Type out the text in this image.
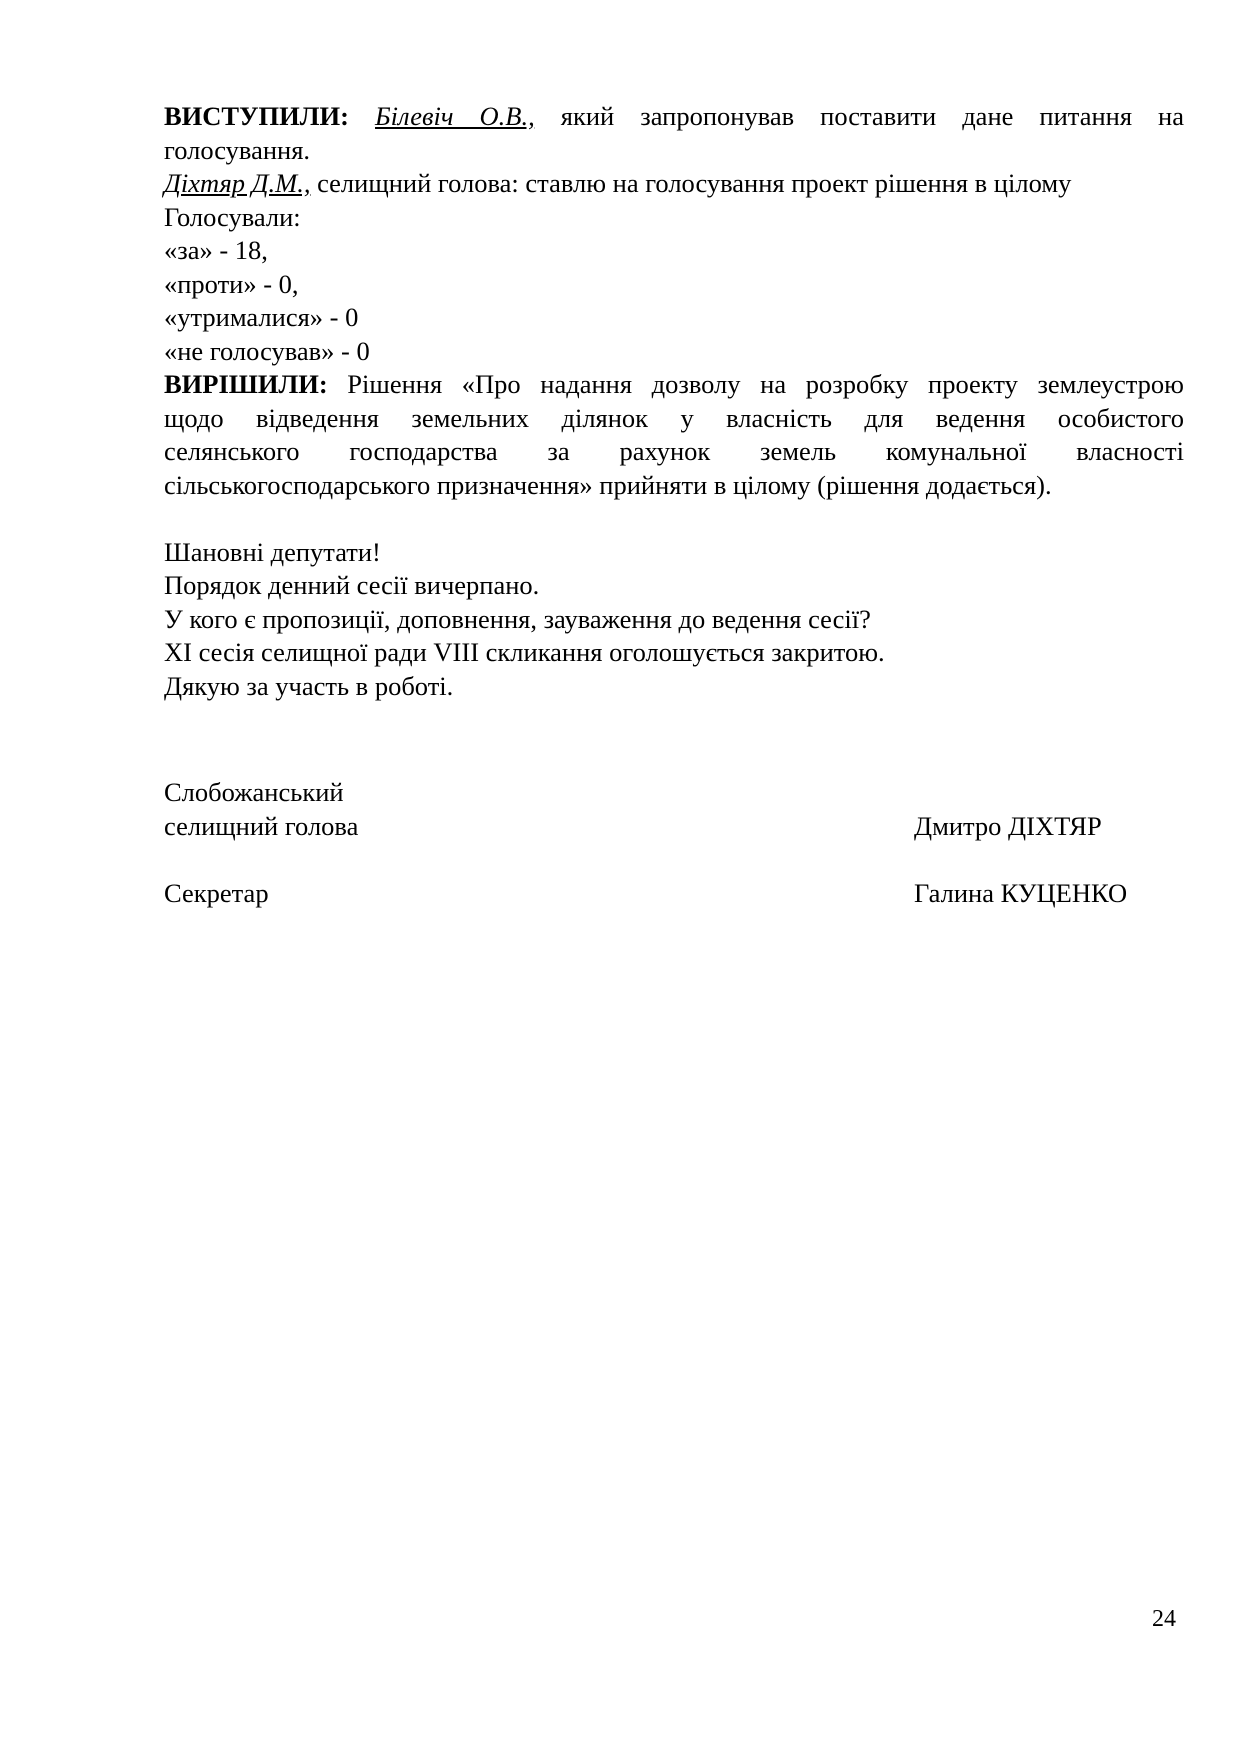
ВИСТУПИЛИ: Білевіч О.В., який запропонував поставити дане питання на

голосування.

Діхтяр Д.М., селищний голова: ставлю на голосування проект рішення в цілому

Голосували:

«за» - 18,

«проти» - 0,

«утрималися» - 0

«не голосував» - 0

ВИРІШИЛИ: Рішення «Про надання дозволу на розробку проекту землеустрою

щодо відведення земельних ділянок у власність для ведення особистого

селянського господарства за рахунок земель комунальної власності

сільськогосподарського призначення» прийняти в цілому (рішення додається).

Шановні депутати!

Порядок денний сесії вичерпано.

У кого є пропозиції, доповнення, зауваження до ведення сесії?

XI сесія селищної ради VIII скликання оголошується закритою.

Дякую за участь в роботі.

Слобожанський
селищний голова	Дмитро ДІХТЯР
Секретар	Галина КУЦЕНКО
24
